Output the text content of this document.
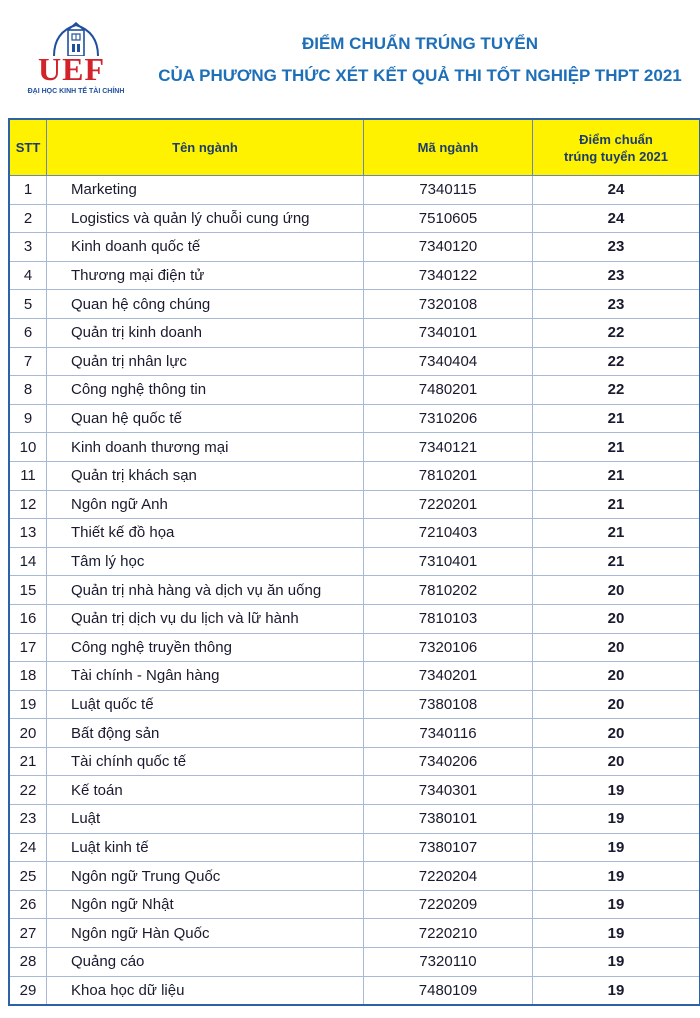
UEF
ĐẠI HỌC KINH TẾ TÀI CHÍNH
ĐIỂM CHUẨN TRÚNG TUYỂN
CỦA PHƯƠNG THỨC XÉT KẾT QUẢ THI TỐT NGHIỆP THPT 2021
STT	Tên ngành	Mã ngành	Điểm chuẩn
trúng tuyển 2021

1	Marketing	7340115	24
2	Logistics và quản lý chuỗi cung ứng	7510605	24
3	Kinh doanh quốc tế	7340120	23
4	Thương mại điện tử	7340122	23
5	Quan hệ công chúng	7320108	23
6	Quản trị kinh doanh	7340101	22
7	Quản trị nhân lực	7340404	22
8	Công nghệ thông tin	7480201	22
9	Quan hệ quốc tế	7310206	21
10	Kinh doanh thương mại	7340121	21
11	Quản trị khách sạn	7810201	21
12	Ngôn ngữ Anh	7220201	21
13	Thiết kế đồ họa	7210403	21
14	Tâm lý học	7310401	21
15	Quản trị nhà hàng và dịch vụ ăn uống	7810202	20
16	Quản trị dịch vụ du lịch và lữ hành	7810103	20
17	Công nghệ truyền thông	7320106	20
18	Tài chính - Ngân hàng	7340201	20
19	Luật quốc tế	7380108	20
20	Bất động sản	7340116	20
21	Tài chính quốc tế	7340206	20
22	Kế toán	7340301	19
23	Luật	7380101	19
24	Luật kinh tế	7380107	19
25	Ngôn ngữ Trung Quốc	7220204	19
26	Ngôn ngữ Nhật	7220209	19
27	Ngôn ngữ Hàn Quốc	7220210	19
28	Quảng cáo	7320110	19
29	Khoa học dữ liệu	7480109	19
